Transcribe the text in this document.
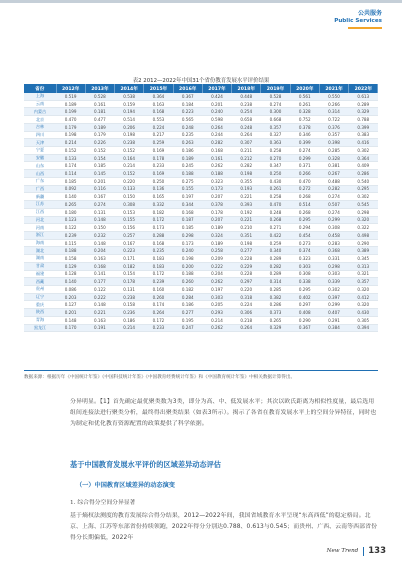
公共服务
Public Services
表2 2012—2022年中国31个省份教育发展水平评价结果
省份	2012年	2013年	2014年	2015年	2016年	2017年	2018年	2019年	2020年	2021年	2022年
上海	0.519	0.528	0.538	0.364	0.367	0.424	0.448	0.528	0.561	0.550	0.613
云南	0.189	0.161	0.159	0.163	0.184	0.201	0.238	0.274	0.261	0.266	0.289
内蒙古	0.199	0.181	0.194	0.168	0.223	0.240	0.254	0.300	0.328	0.314	0.329
北京	0.470	0.477	0.514	0.553	0.565	0.598	0.658	0.668	0.752	0.722	0.788
吉林	0.179	0.189	0.206	0.224	0.248	0.264	0.248	0.357	0.378	0.376	0.399
四川	0.198	0.179	0.198	0.217	0.235	0.244	0.264	0.327	0.346	0.357	0.383
天津	0.214	0.226	0.238	0.259	0.263	0.282	0.307	0.363	0.399	0.398	0.416
宁夏	0.152	0.152	0.152	0.169	0.186	0.168	0.211	0.258	0.274	0.285	0.302
安徽	0.133	0.154	0.164	0.178	0.189	0.161	0.212	0.270	0.299	0.328	0.364
山东	0.174	0.185	0.214	0.233	0.245	0.262	0.282	0.347	0.371	0.381	0.409
山西	0.114	0.145	0.152	0.169	0.188	0.188	0.198	0.250	0.266	0.267	0.286
广东	0.185	0.201	0.220	0.250	0.275	0.323	0.355	0.430	0.470	0.488	0.540
广西	0.092	0.116	0.133	0.136	0.155	0.173	0.193	0.261	0.272	0.282	0.295
新疆	0.140	0.167	0.150	0.165	0.197	0.207	0.221	0.258	0.268	0.274	0.302
江苏	0.265	0.274	0.308	0.332	0.344	0.378	0.393	0.470	0.514	0.507	0.545
江西	0.180	0.131	0.153	0.182	0.168	0.178	0.192	0.248	0.268	0.274	0.298
河北	0.123	0.148	0.155	0.172	0.187	0.207	0.221	0.268	0.295	0.299	0.320
河南	0.122	0.150	0.156	0.173	0.185	0.189	0.210	0.271	0.294	0.308	0.322
浙江	0.239	0.232	0.257	0.288	0.298	0.324	0.351	0.422	0.454	0.458	0.498
海南	0.115	0.148	0.167	0.168	0.173	0.189	0.198	0.259	0.273	0.283	0.290
湖北	0.188	0.204	0.223	0.235	0.240	0.258	0.277	0.340	0.374	0.368	0.389
湖南	0.158	0.163	0.171	0.183	0.198	0.209	0.228	0.289	0.323	0.331	0.345
甘肃	0.129	0.168	0.182	0.183	0.200	0.222	0.229	0.282	0.303	0.298	0.313
福建	0.128	0.141	0.154	0.172	0.188	0.204	0.228	0.289	0.308	0.303	0.321
西藏	0.140	0.177	0.178	0.239	0.260	0.262	0.297	0.314	0.338	0.339	0.357
贵州	0.086	0.122	0.131	0.160	0.182	0.197	0.220	0.285	0.295	0.302	0.320
辽宁	0.203	0.222	0.238	0.260	0.284	0.303	0.318	0.382	0.402	0.397	0.412
重庆	0.127	0.148	0.158	0.174	0.186	0.205	0.224	0.286	0.297	0.299	0.320
陕西	0.201	0.221	0.236	0.264	0.277	0.293	0.306	0.373	0.408	0.407	0.430
青海	0.148	0.163	0.186	0.172	0.195	0.214	0.218	0.265	0.290	0.291	0.305
黑龙江	0.170	0.191	0.214	0.233	0.247	0.262	0.264	0.329	0.367	0.384	0.394
数据来源：根据历年《中国统计年鉴》《中国科技统计年鉴》《中国教育经费统计年鉴》和《中国教育统计年鉴》中相关数据计算得出。
分异明显。【1】首先确定最优聚类数为3类，即分为高、中、低发展水平；其次以欧氏距离为相似性度量，最后选用组间连接法进行聚类分析，最终得出聚类结果（如表3所示）。揭示了各省在教育发展水平上的空间分异特征，同时也为制定和优化教育资源配置的政策提供了科学依据。
基于中国教育发展水平评价的区域差异动态评估
（一）中国教育区域差异的动态演变
1. 综合得分空间分异显著
基于熵权法测度的教育发展综合得分结果，2012—2022年间，我国省域教育水平呈现“东高西低”的稳定格局。北京、上海、江苏等东部省份持续领跑，2022年得分分别达0.788、0.613与0.545；而贵州、广西、云南等西部省份得分长期偏低，2022年
New Trend 133
